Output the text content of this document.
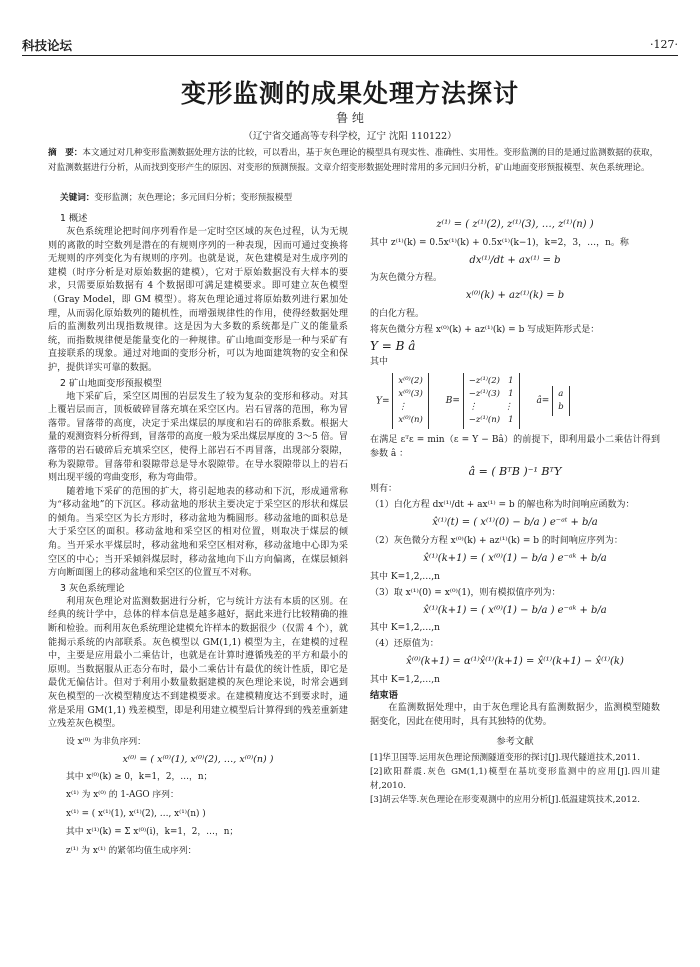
科技论坛	·127·
变形监测的成果处理方法探讨
鲁 纯
（辽宁省交通高等专科学校，辽宁 沈阳 110122）
摘　要：本文通过对几种变形监测数据处理方法的比较，可以看出，基于灰色理论的模型具有现实性、准确性、实用性。变形监测的目的是通过监测数据的获取，对监测数据进行分析，从而找到变形产生的原因、对变形的预测预报。文章介绍变形数据处理时常用的多元回归分析，矿山地面变形预报模型、灰色系统理论。
关键词：变形监测；灰色理论；多元回归分析；变形预报模型
1 概述

灰色系统理论把时间序列看作是一定时空区域的灰色过程，认为无规则的离散的时空数列是潜在的有规则序列的一种表现，因而可通过变换将无规则的序列变化为有规则的序列。也就是说，灰色建模是对生成序列的建模（时序分析是对原始数据的建模），它对于原始数据没有大样本的要求，只需要原始数据有 4 个数据即可满足建模要求。即可建立灰色模型（Gray Model，即 GM 模型）。将灰色理论通过将原始数列进行累加处理，从而弱化原始数列的随机性，而增强规律性的作用，使得经数据处理后的监测数列出现指数规律。这是因为大多数的系统都是广义的能量系统，而指数规律便是能量变化的一种规律。矿山地面变形是一种与采矿有直接联系的现象。通过对地面的变形分析，可以为地面建筑物的安全和保护，提供详实可靠的数据。

2 矿山地面变形预报模型

地下采矿后，采空区周围的岩层发生了较为复杂的变形和移动。对其上覆岩层而言，顶板破碎冒落充填在采空区内。岩石冒落的范围，称为冒落带。冒落带的高度，决定于采出煤层的厚度和岩石的碎胀系数。根据大量的观测资料分析得到，冒落带的高度一般为采出煤层厚度的 3～5 倍。冒落带的岩石破碎后充填采空区，使得上部岩石不再冒落，出现部分裂隙，称为裂隙带。冒落带和裂隙带总是导水裂隙带。在导水裂隙带以上的岩石则出现平缓的弯曲变形，称为弯曲带。

随着地下采矿的范围的扩大，将引起地表的移动和下沉，形成通常称为“移动盆地”的下沉区。移动盆地的形状主要决定于采空区的形状和煤层的倾角。当采空区为长方形时，移动盆地为椭圆形。移动盆地的面积总是大于采空区的面积。移动盆地和采空区的相对位置，则取决于煤层的倾角。当开采水平煤层时，移动盆地和采空区相对称，移动盆地中心即为采空区的中心；当开采倾斜煤层时，移动盆地向下山方向偏离，在煤层倾斜方向断面图上的移动盆地和采空区的位置互不对称。

3 灰色系统理论

利用灰色理论对监测数据进行分析，它与统计方法有本质的区别。在经典的统计学中，总体的样本信息是越多越好，据此来进行比较精确的推断和检验。而利用灰色系统理论建模允许样本的数据很少（仅需 4 个），就能揭示系统的内部联系。灰色模型以 GM(1,1) 模型为主，在建模的过程中，主要是应用最小二乘估计，也就是在计算时遵循残差的平方和最小的原则。当数据服从正态分布时，最小二乘估计有最优的统计性质，即它是最优无偏估计。但对于利用小数量数据建模的灰色理论来说，时常会遇到灰色模型的一次模型精度达不到建模要求。在建模精度达不到要求时，通常是采用 GM(1,1) 残差模型，即是利用建立模型后计算得到的残差重新建立残差灰色模型。

设 x⁽⁰⁾ 为非负序列：
x⁽⁰⁾ = ( x⁽⁰⁾(1), x⁽⁰⁾(2), …, x⁽⁰⁾(n) )
其中 x⁽⁰⁾(k) ≥ 0，k=1，2，…，n；
x⁽¹⁾ 为 x⁽⁰⁾ 的 1-AGO 序列：
x⁽¹⁾ = ( x⁽¹⁾(1), x⁽¹⁾(2), …, x⁽¹⁾(n) )
其中 x⁽¹⁾(k) = Σ x⁽⁰⁾(i)，k=1，2，…，n；
z⁽¹⁾ 为 x⁽¹⁾ 的紧邻均值生成序列：
z⁽¹⁾ = ( z⁽¹⁾(2), z⁽¹⁾(3), …, z⁽¹⁾(n) )
其中 z⁽¹⁾(k) = 0.5x⁽¹⁾(k) + 0.5x⁽¹⁾(k−1)，k=2，3，…，n。称
dx⁽¹⁾/dt + ax⁽¹⁾ = b
为灰色微分方程。
x⁽⁰⁾(k) + az⁽¹⁾(k) = b
的白化方程。
将灰色微分方程 x⁽⁰⁾(k) + az⁽¹⁾(k) = b 写成矩阵形式是：
Y = B â
其中
Y=
x⁽⁰⁾(2)
x⁽⁰⁾(3)
⋮
x⁽⁰⁾(n)
B=
−z⁽¹⁾(2)   1
−z⁽¹⁾(3)   1
⋮          ⋮
−z⁽¹⁾(n)   1
â=
a
b
在满足 εᵀε = min（ε = Y − Bâ）的前提下，即利用最小二乘估计得到参数 â ：
â = ( BᵀB )⁻¹ BᵀY
则有：
（1）白化方程 dx⁽¹⁾/dt + ax⁽¹⁾ = b 的解也称为时间响应函数为：
x̂⁽¹⁾(t) = ( x⁽¹⁾(0) − b/a ) e⁻ᵃᵗ + b/a
（2）灰色微分方程 x⁽⁰⁾(k) + az⁽¹⁾(k) = b 的时间响应序列为：
x̂⁽¹⁾(k+1) = ( x⁽⁰⁾(1) − b/a ) e⁻ᵃᵏ + b/a
其中 K=1,2,…,n
（3）取 x⁽¹⁾(0) = x⁽⁰⁾(1)，则有模拟值序列为：
x̂⁽¹⁾(k+1) = ( x⁽⁰⁾(1) − b/a ) e⁻ᵃᵏ + b/a
其中 K=1,2,…,n
（4）还原值为：
x̂⁽⁰⁾(k+1) = α⁽¹⁾x̂⁽¹⁾(k+1) = x̂⁽¹⁾(k+1) − x̂⁽¹⁾(k)
其中 K=1,2,…,n
结束语

在监测数据处理中，由于灰色理论具有监测数据少，监测模型随数据变化，因此在使用时，具有其独特的优势。

参考文献
[1]华卫国等.运用灰色理论预测隧道变形的探讨[J].现代隧道技术,2011.
[2]欧阳群震.灰色 GM(1,1)模型在基坑变形监测中的应用[J].四川建材,2010.
[3]胡云华等.灰色理论在形变观测中的应用分析[J].低温建筑技术,2012.
